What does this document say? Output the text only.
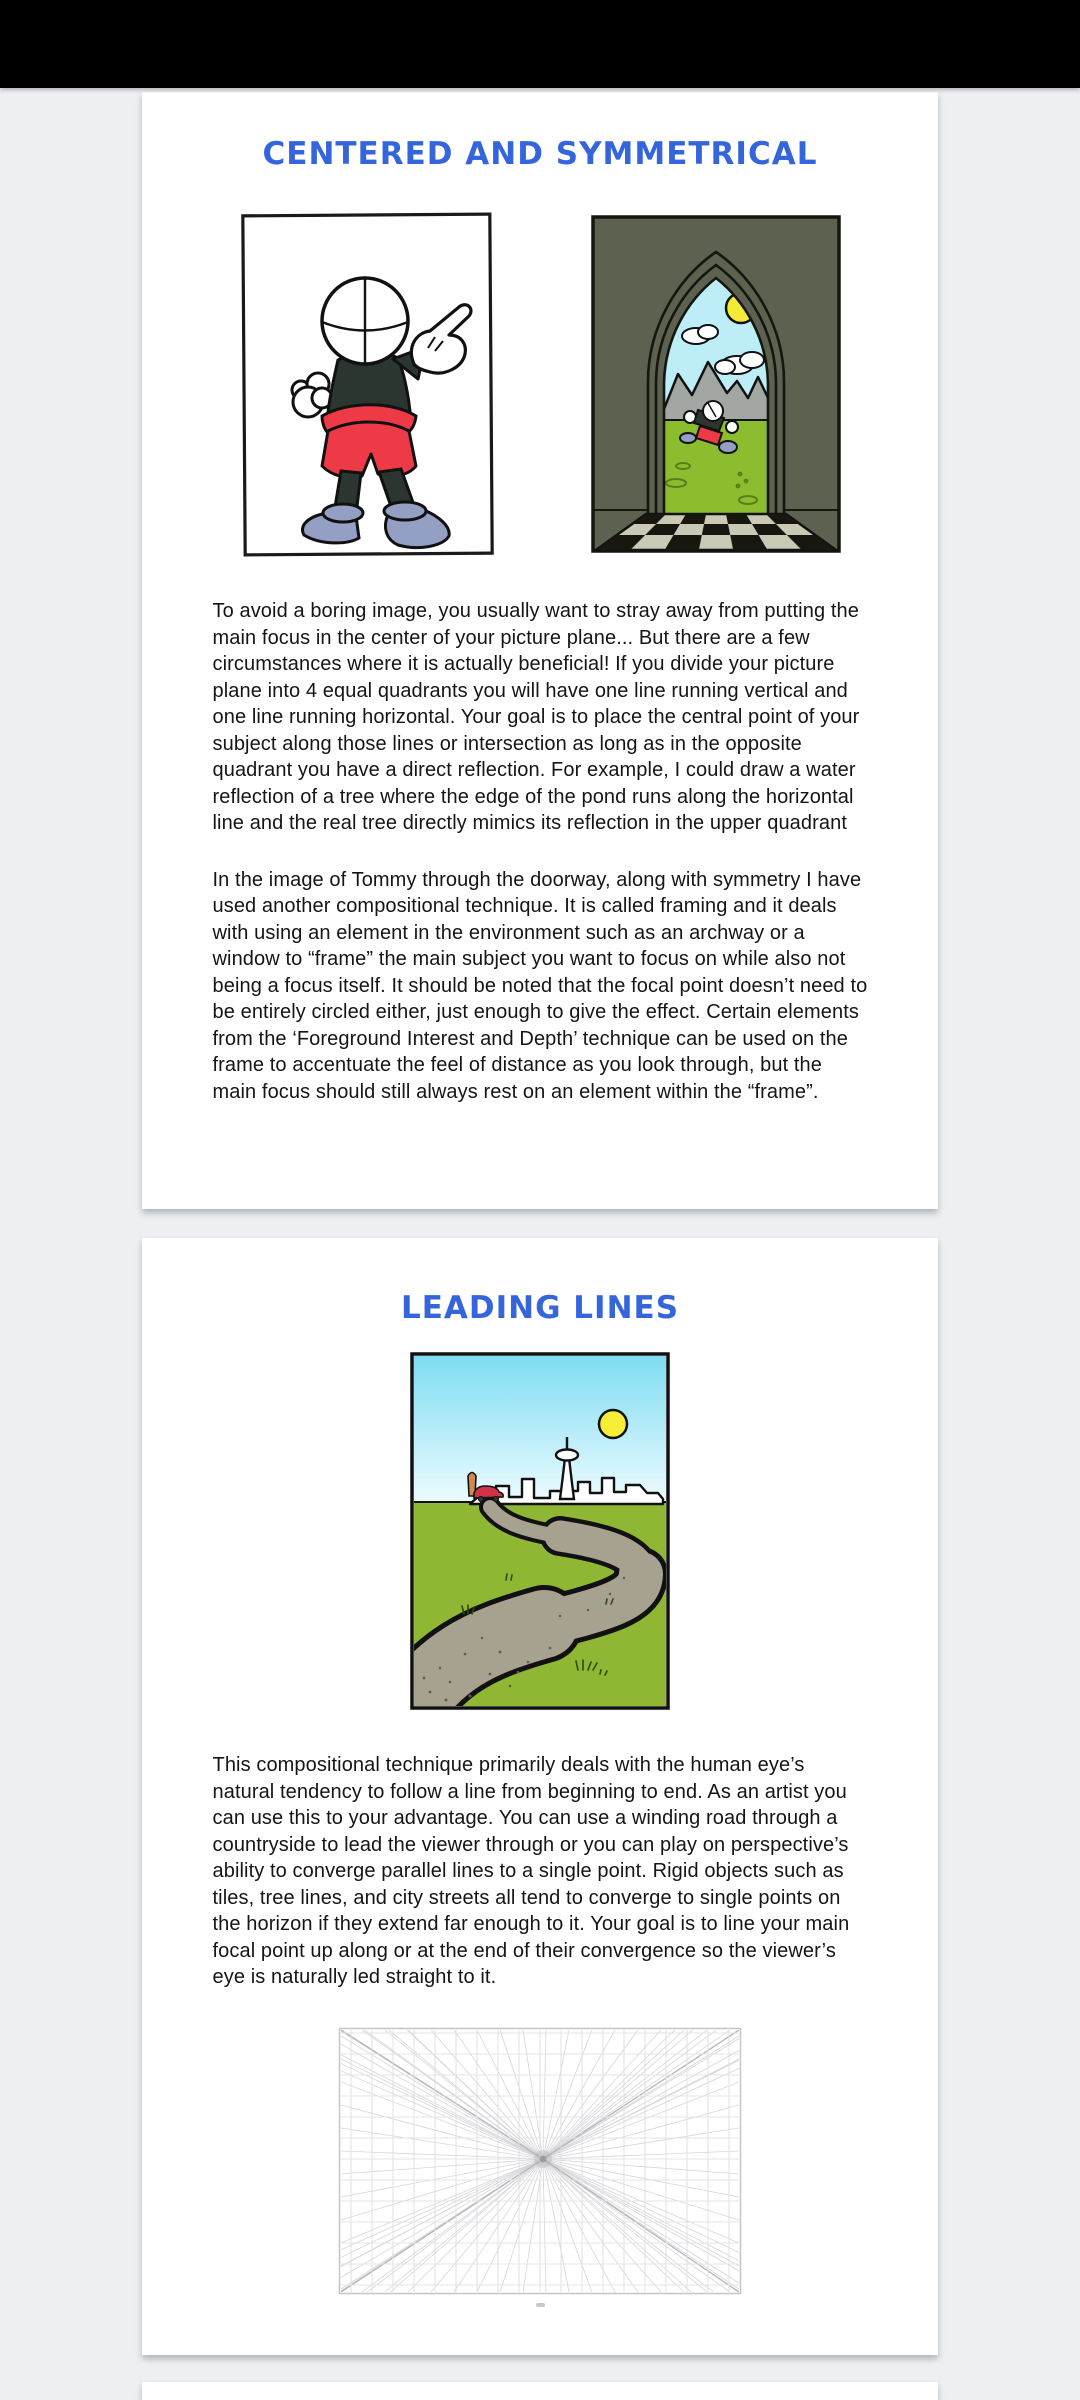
CENTERED AND SYMMETRICAL

To avoid a boring image, you usually want to stray away from putting the main focus in the center of your picture plane... But there are a few circumstances where it is actually beneficial! If you divide your picture plane into 4 equal quadrants you will have one line running vertical and one line running horizontal. Your goal is to place the central point of your subject along those lines or intersection as long as in the opposite quadrant you have a direct reflection. For example, I could draw a water reflection of a tree where the edge of the pond runs along the horizontal line and the real tree directly mimics its reflection in the upper quadrant

In the image of Tommy through the doorway, along with symmetry I have used another compositional technique. It is called framing and it deals with using an element in the environment such as an archway or a window to “frame” the main subject you want to focus on while also not being a focus itself. It should be noted that the focal point doesn’t need to be entirely circled either, just enough to give the effect. Certain elements from the ‘Foreground Interest and Depth’ technique can be used on the frame to accentuate the feel of distance as you look through, but the main focus should still always rest on an element within the “frame”.

LEADING LINES

This compositional technique primarily deals with the human eye’s natural tendency to follow a line from beginning to end. As an artist you can use this to your advantage. You can use a winding road through a countryside to lead the viewer through or you can play on perspective’s ability to converge parallel lines to a single point. Rigid objects such as tiles, tree lines, and city streets all tend to converge to single points on the horizon if they extend far enough to it. Your goal is to line your main focal point up along or at the end of their convergence so the viewer’s eye is naturally led straight to it.
